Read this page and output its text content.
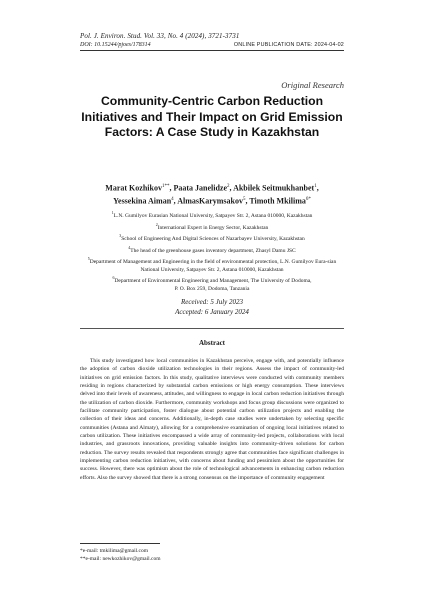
Pol. J. Environ. Stud. Vol. 33, No. 4 (2024), 3721-3731
DOI: 10.15244/pjoes/178314	ONLINE PUBLICATION DATE: 2024-04-02
Original Research
Community-Centric Carbon Reduction
Initiatives and Their Impact on Grid Emission
Factors: A Case Study in Kazakhstan
Marat Kozhikov$^{1**}$, Paata Janelidze$^2$, Akbilek Seitmukhanbet$^1$,
Yessekina Aiman$^4$, AlmasKarymsakov$^5$, Timoth Mkilima$^{6*}$
$^1$L.N. Gumilyov Eurasian National University, Satpayev Str. 2, Astana 010000, Kazakhstan
$^2$International Expert in Energy Sector, Kazakhstan
$^3$School of Engineering And Digital Sciences of Nazarbayev University, Kazakhstan
$^4$The head of the greenhouse gases inventory department, Zhasyl Damu JSC
$^5$Department of Management and Engineering in the field of environmental protection, L.N. Gumilyov Eura-sian
National University, Satpayev Str. 2, Astana 010000, Kazakhstan
$^6$Department of Environmental Engineering and Management, The University of Dodoma,
P. O. Box 259, Dodoma, Tanzania
Received: 5 July 2023
Accepted: 6 January 2024
Abstract
This study investigated how local communities in Kazakhstan perceive, engage with, and potentially influence the adoption of carbon dioxide utilization technologies in their regions. Assess the impact of community-led initiatives on grid emission factors. In this study, qualitative interviews were conducted with community members residing in regions characterized by substantial carbon emissions or high energy consumption. These interviews delved into their levels of awareness, attitudes, and willingness to engage in local carbon reduction initiatives through the utilization of carbon dioxide. Furthermore, community workshops and focus group discussions were organized to facilitate community participation, foster dialogue about potential carbon utilization projects and enabling the collection of their ideas and concerns. Additionally, in-depth case studies were undertaken by selecting specific communities (Astana and Almaty), allowing for a comprehensive examination of ongoing local initiatives related to carbon utilization. These initiatives encompassed a wide array of community-led projects, collaborations with local industries, and grassroots innovations, providing valuable insights into community-driven solutions for carbon reduction. The survey results revealed that respondents strongly agree that communities face significant challenges in implementing carbon reduction initiatives, with concerns about funding and pessimism about the opportunities for success. However, there was optimism about the role of technological advancements in enhancing carbon reduction efforts. Also the survey showed that there is a strong consensus on the importance of community engagement
*e-mail: tmkilima@gmail.com
**e-mail: newkozhikov@gmail.com
